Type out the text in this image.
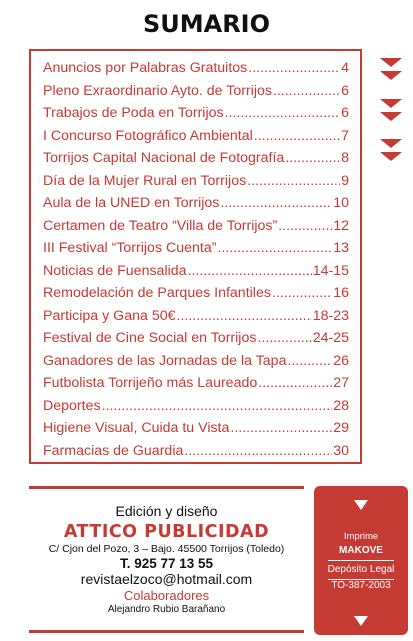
SUMARIO
Anuncios por Palabras Gratuitos .....	4
Pleno Exraordinario Ayto. de Torrijos .....	6
Trabajos de Poda en Torrijos .....	6
I Concurso Fotográfico Ambiental .....	7
Torrijos Capital Nacional de Fotografía .....	8
Día de la Mujer Rural en Torrijos .....	9
Aula de la UNED en Torrijos .....	10
Certamen de Teatro “Villa de Torrijos” .....	12
III Festival “Torrijos Cuenta” .....	13
Noticias de Fuensalida .....	14-15
Remodelación de Parques Infantiles .....	16
Participa y Gana 50€ .....	18-23
Festival de Cine Social en Torrijos .....	24-25
Ganadores de las Jornadas de la Tapa .....	26
Futbolista Torrijeño más Laureado .....	27
Deportes .....	28
Higiene Visual, Cuida tu Vista .....	29
Farmacias de Guardia .....	30
Edición y diseño
ATTICO PUBLICIDAD
C/ Cjon del Pozo, 3 – Bajo. 45500 Torrijos (Toledo)
T. 925 77 13 55
revistaelzoco@hotmail.com
Colaboradores
Alejandro Rubio Barañano
Imprime
MAKOVE
Depósito Legal
TO-387-2003
